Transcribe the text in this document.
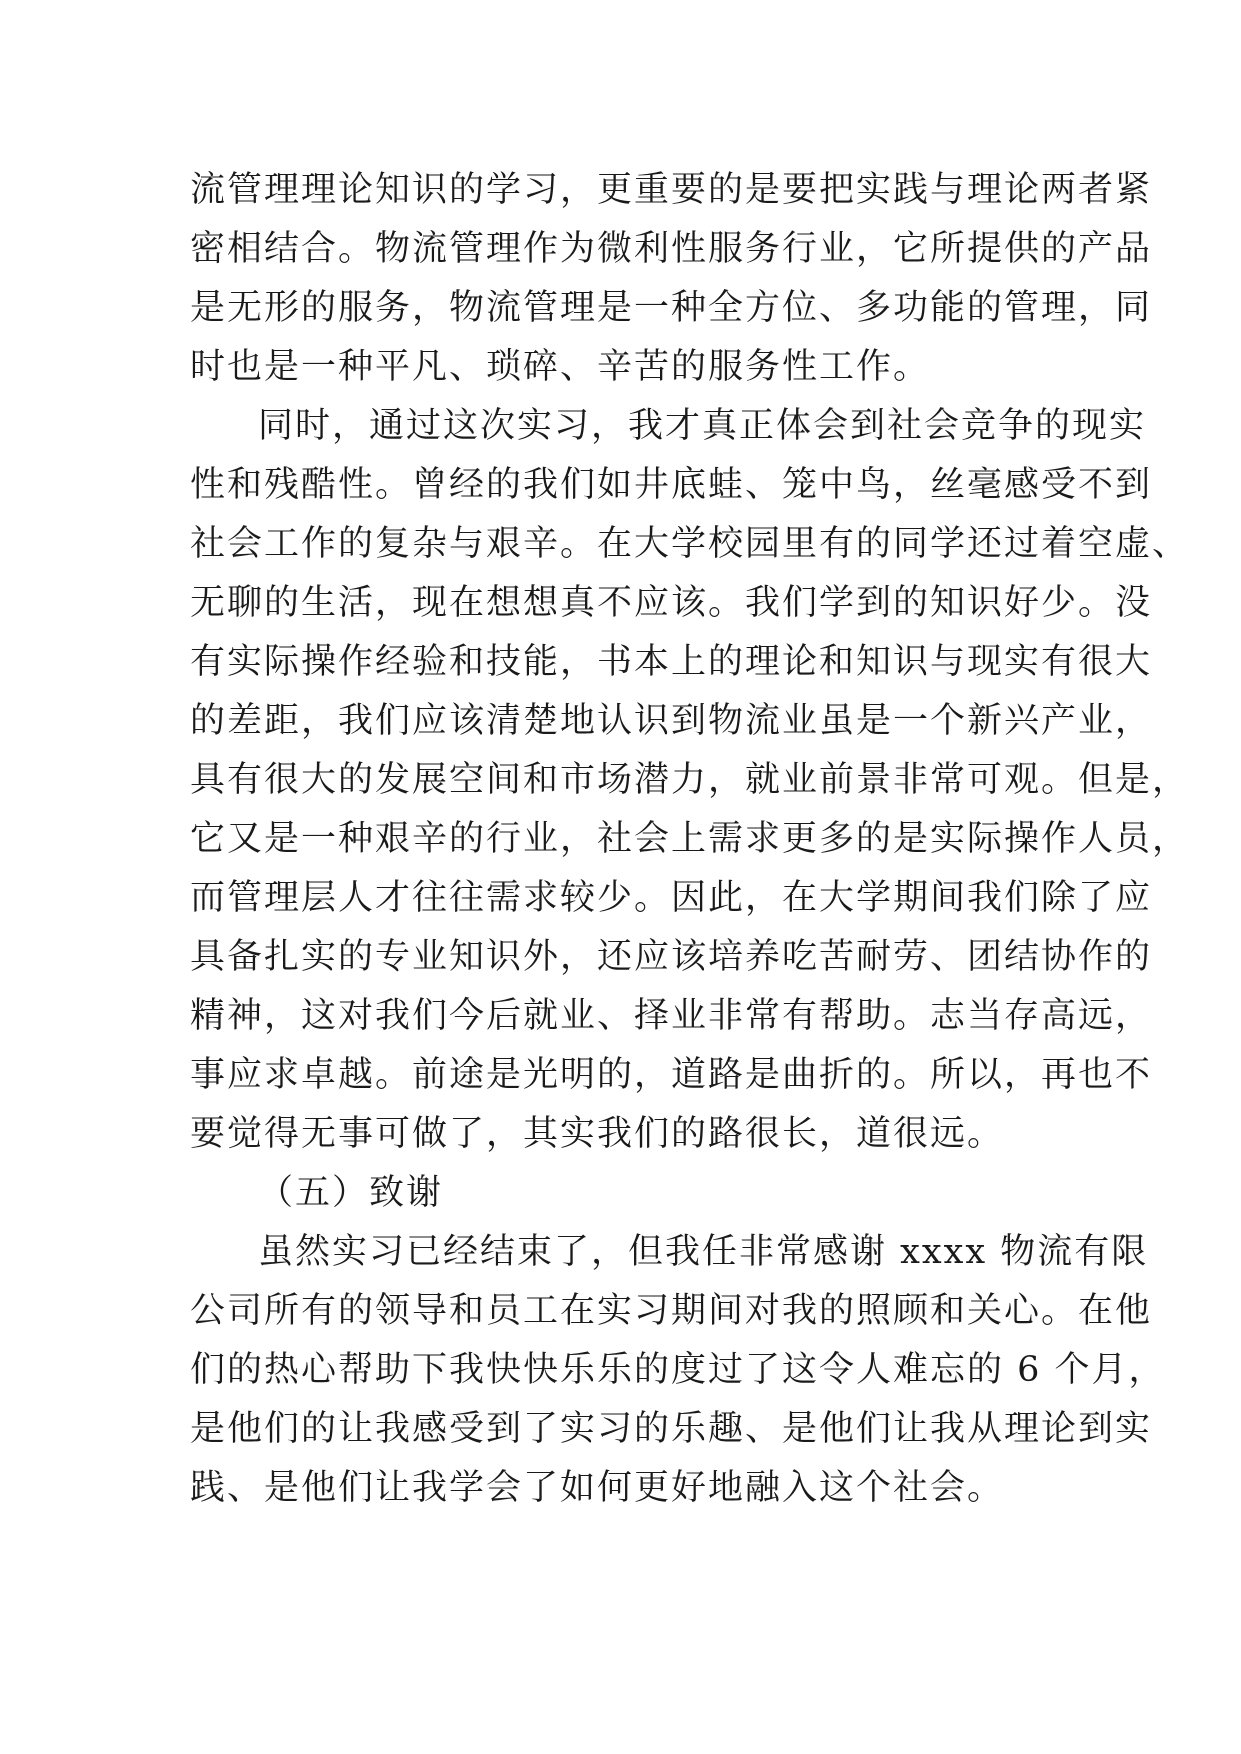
流管理理论知识的学习，更重要的是要把实践与理论两者紧
密相结合。物流管理作为微利性服务行业，它所提供的产品
是无形的服务，物流管理是一种全方位、多功能的管理，同
时也是一种平凡、琐碎、辛苦的服务性工作。
同时，通过这次实习，我才真正体会到社会竞争的现实
性和残酷性。曾经的我们如井底蛙、笼中鸟，丝毫感受不到
社会工作的复杂与艰辛。在大学校园里有的同学还过着空虚、
无聊的生活，现在想想真不应该。我们学到的知识好少。没
有实际操作经验和技能，书本上的理论和知识与现实有很大
的差距，我们应该清楚地认识到物流业虽是一个新兴产业，
具有很大的发展空间和市场潜力，就业前景非常可观。但是，
它又是一种艰辛的行业，社会上需求更多的是实际操作人员，
而管理层人才往往需求较少。因此，在大学期间我们除了应
具备扎实的专业知识外，还应该培养吃苦耐劳、团结协作的
精神，这对我们今后就业、择业非常有帮助。志当存高远，
事应求卓越。前途是光明的，道路是曲折的。所以，再也不
要觉得无事可做了，其实我们的路很长，道很远。
（五）致谢
虽然实习已经结束了，但我任非常感谢 xxxx 物流有限
公司所有的领导和员工在实习期间对我的照顾和关心。在他
们的热心帮助下我快快乐乐的度过了这令人难忘的 6 个月，
是他们的让我感受到了实习的乐趣、是他们让我从理论到实
践、是他们让我学会了如何更好地融入这个社会。
